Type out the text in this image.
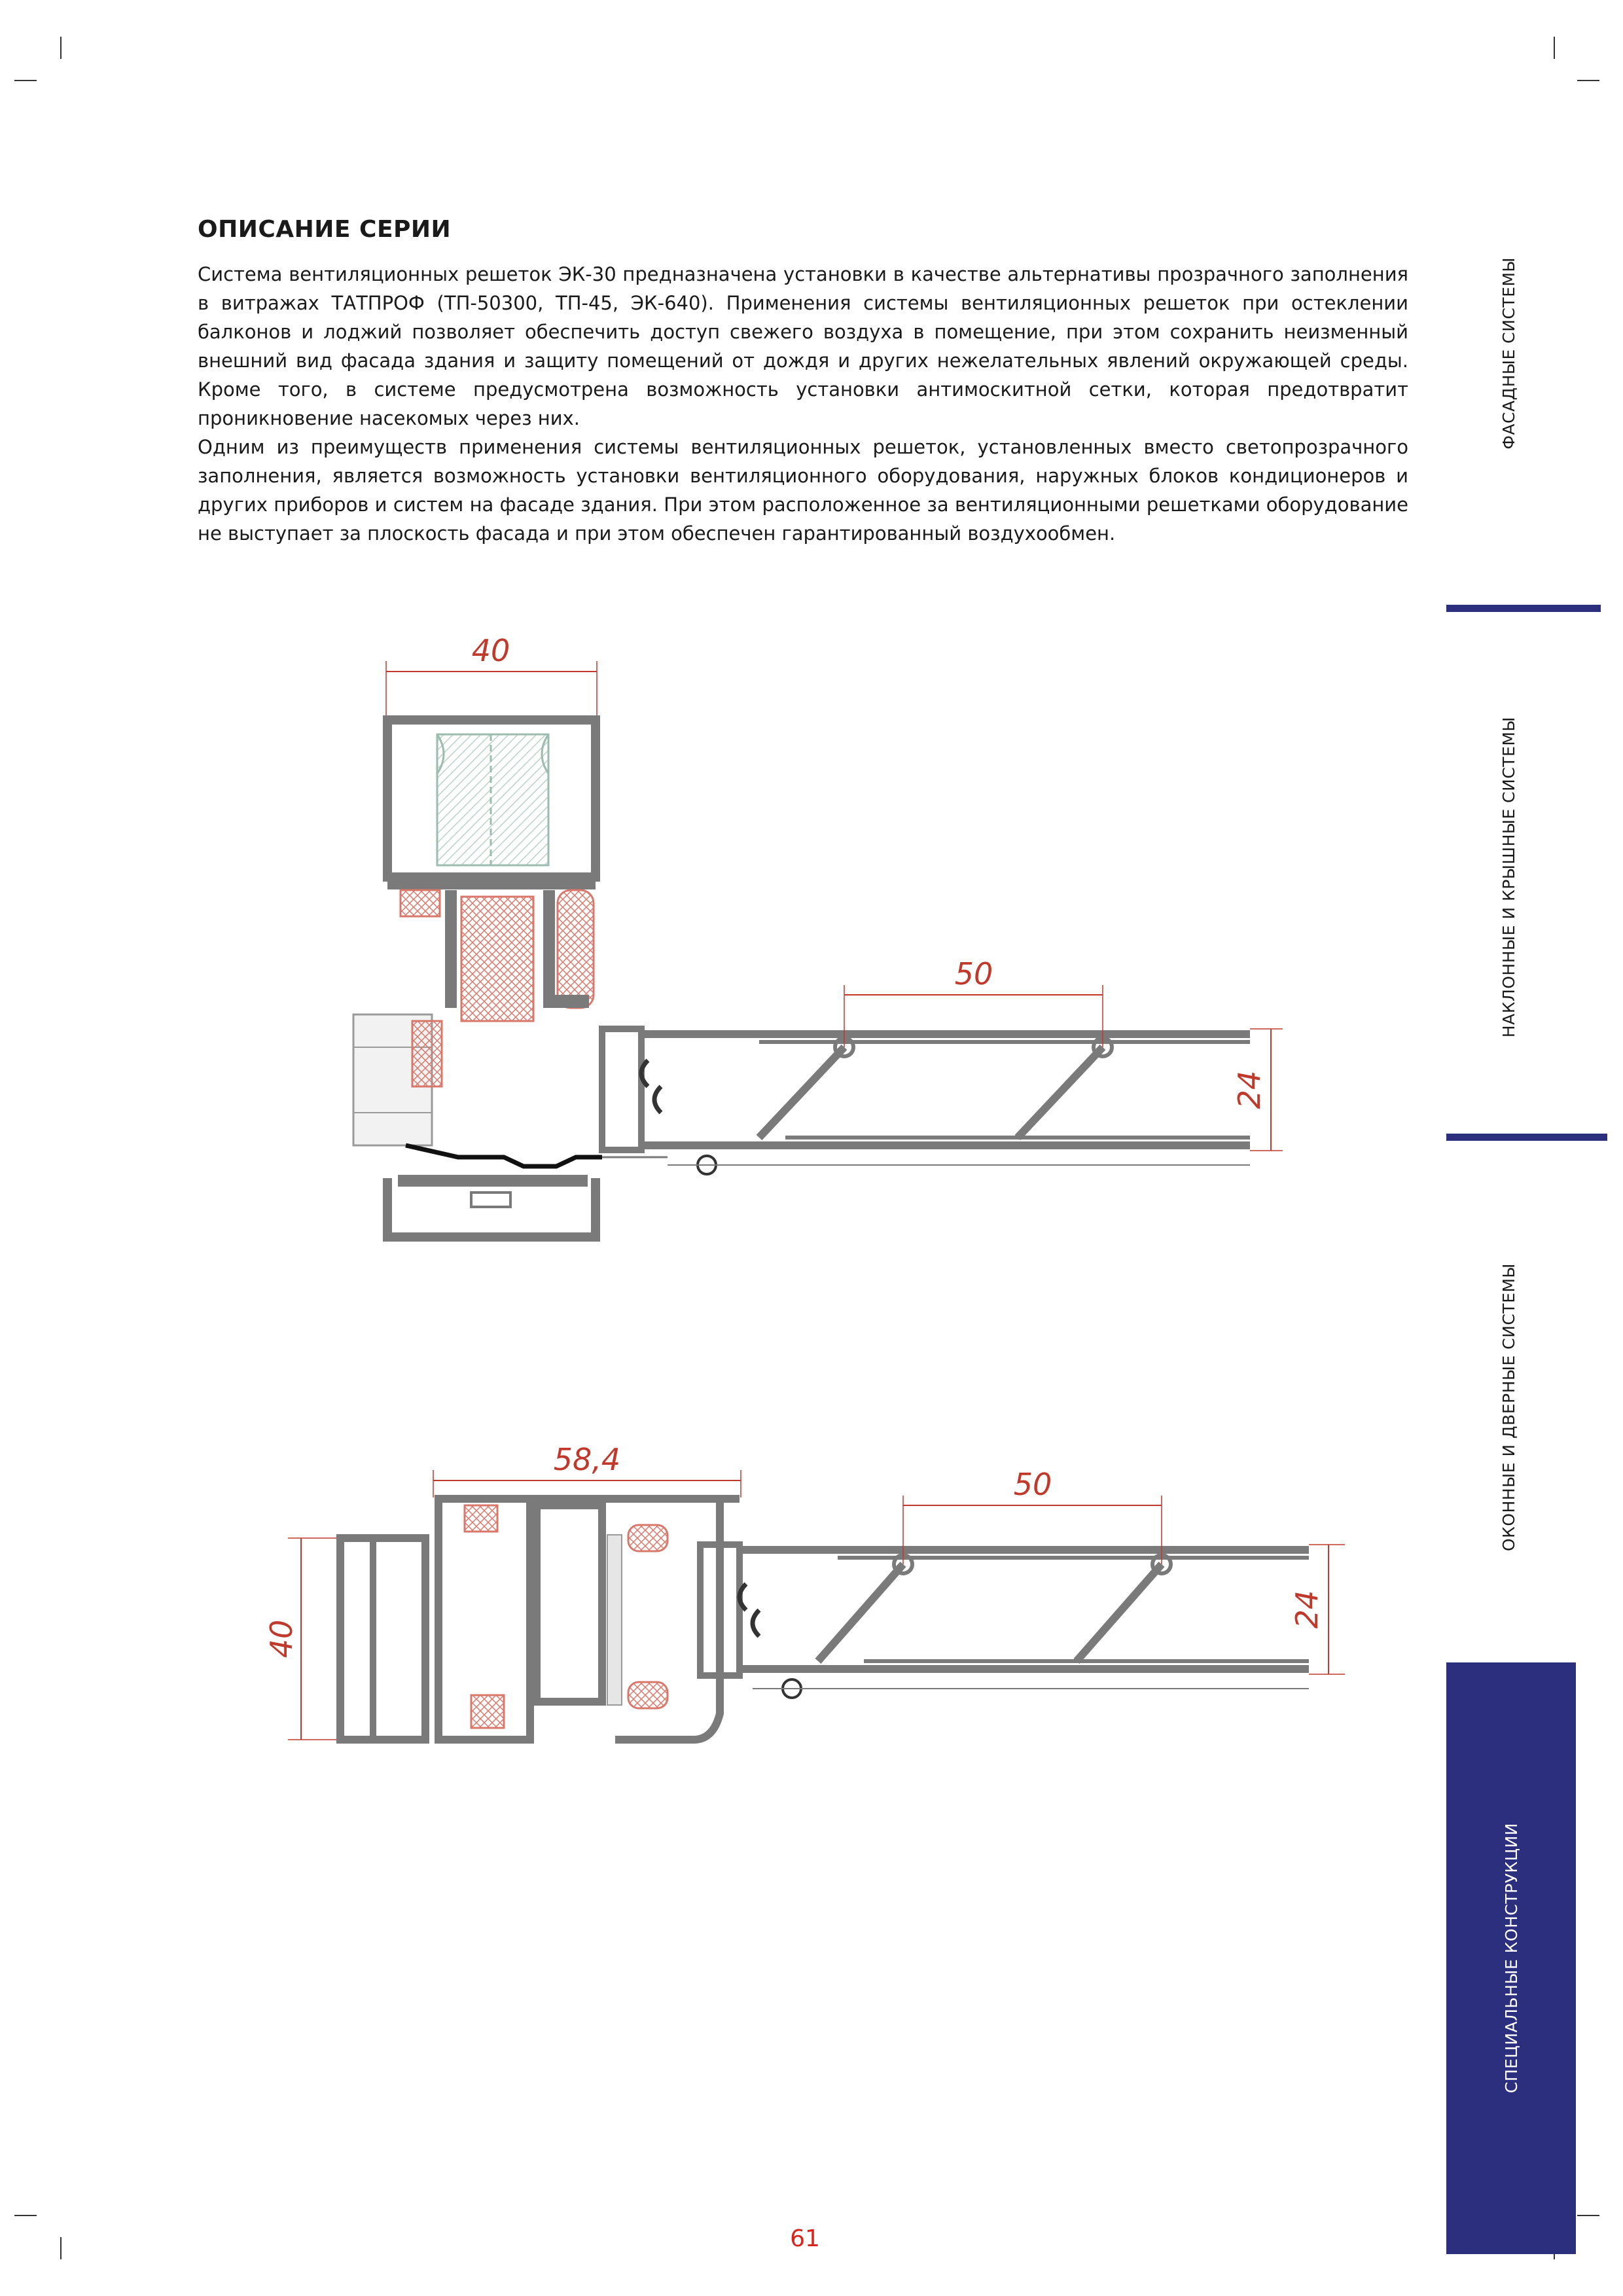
ОПИСАНИЕ СЕРИИ

Система вентиляционных решеток ЭК-30 предназначена установки в качестве альтернативы прозрачного заполнения в витражах ТАТПРОФ (ТП-50300, ТП-45, ЭК-640). Применения системы вентиляционных решеток при остеклении балконов и лоджий позволяет обеспечить доступ свежего воздуха в помещение, при этом сохранить неизменный внешний вид фасада здания и защиту помещений от дождя и других нежелательных явлений окружающей среды. Кроме того, в системе предусмотрена возможность установки антимоскитной сетки, которая предотвратит проникновение насекомых через них.
Одним из преимуществ применения системы вентиляционных решеток, установленных вместо светопрозрачного заполнения, является возможность установки вентиляционного оборудования, наружных блоков кондиционеров и других приборов и систем на фасаде здания. При этом расположенное за вентиляционными решетками оборудование не выступает за плоскость фасада и при этом обеспечен гарантированный воздухообмен.

ФАСАДНЫЕ СИСТЕМЫ
НАКЛОННЫЕ И КРЫШНЫЕ СИСТЕМЫ
ОКОННЫЕ И ДВЕРНЫЕ СИСТЕМЫ
СПЕЦИАЛЬНЫЕ КОНСТРУКЦИИ
40
50
24
58,4
40
50
24
61
